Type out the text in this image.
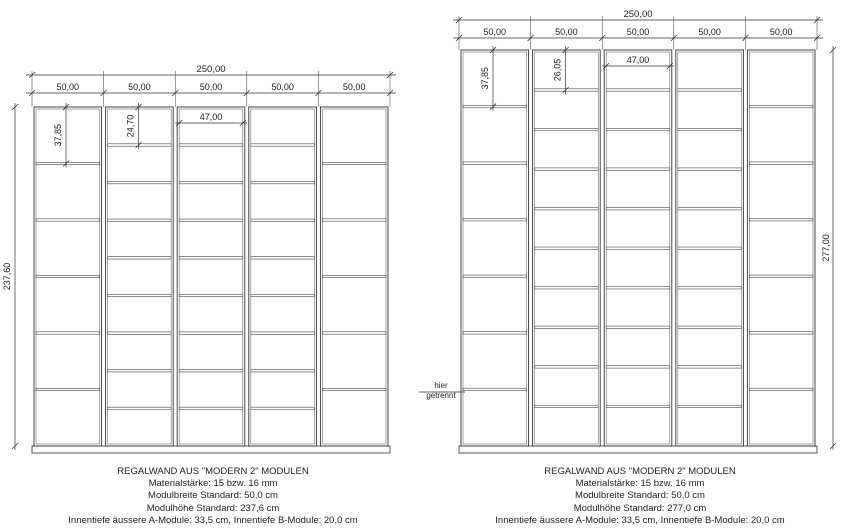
250,00
50,00	50,00	50,00	50,00	50,00
237,60
37,85	24,70	47,00
250,00
50,00	50,00	50,00	50,00	50,00
277,00
37,85	26,05	47,00
hier
getrennt
REGALWAND AUS "MODERN 2" MODULEN
Materialstärke: 15 bzw. 16 mm
Modulbreite Standard: 50,0 cm
Modulhöhe Standard: 237,6 cm
Innentiefe äussere A-Module: 33,5 cm, Innentiefe B-Module: 20,0 cm
REGALWAND AUS "MODERN 2" MODULEN
Materialstärke: 15 bzw. 16 mm
Modulbreite Standard: 50,0 cm
Modulhöhe Standard: 277,0 cm
Innentiefe äussere A-Module: 33,5 cm, Innentiefe B-Module: 20,0 cm
